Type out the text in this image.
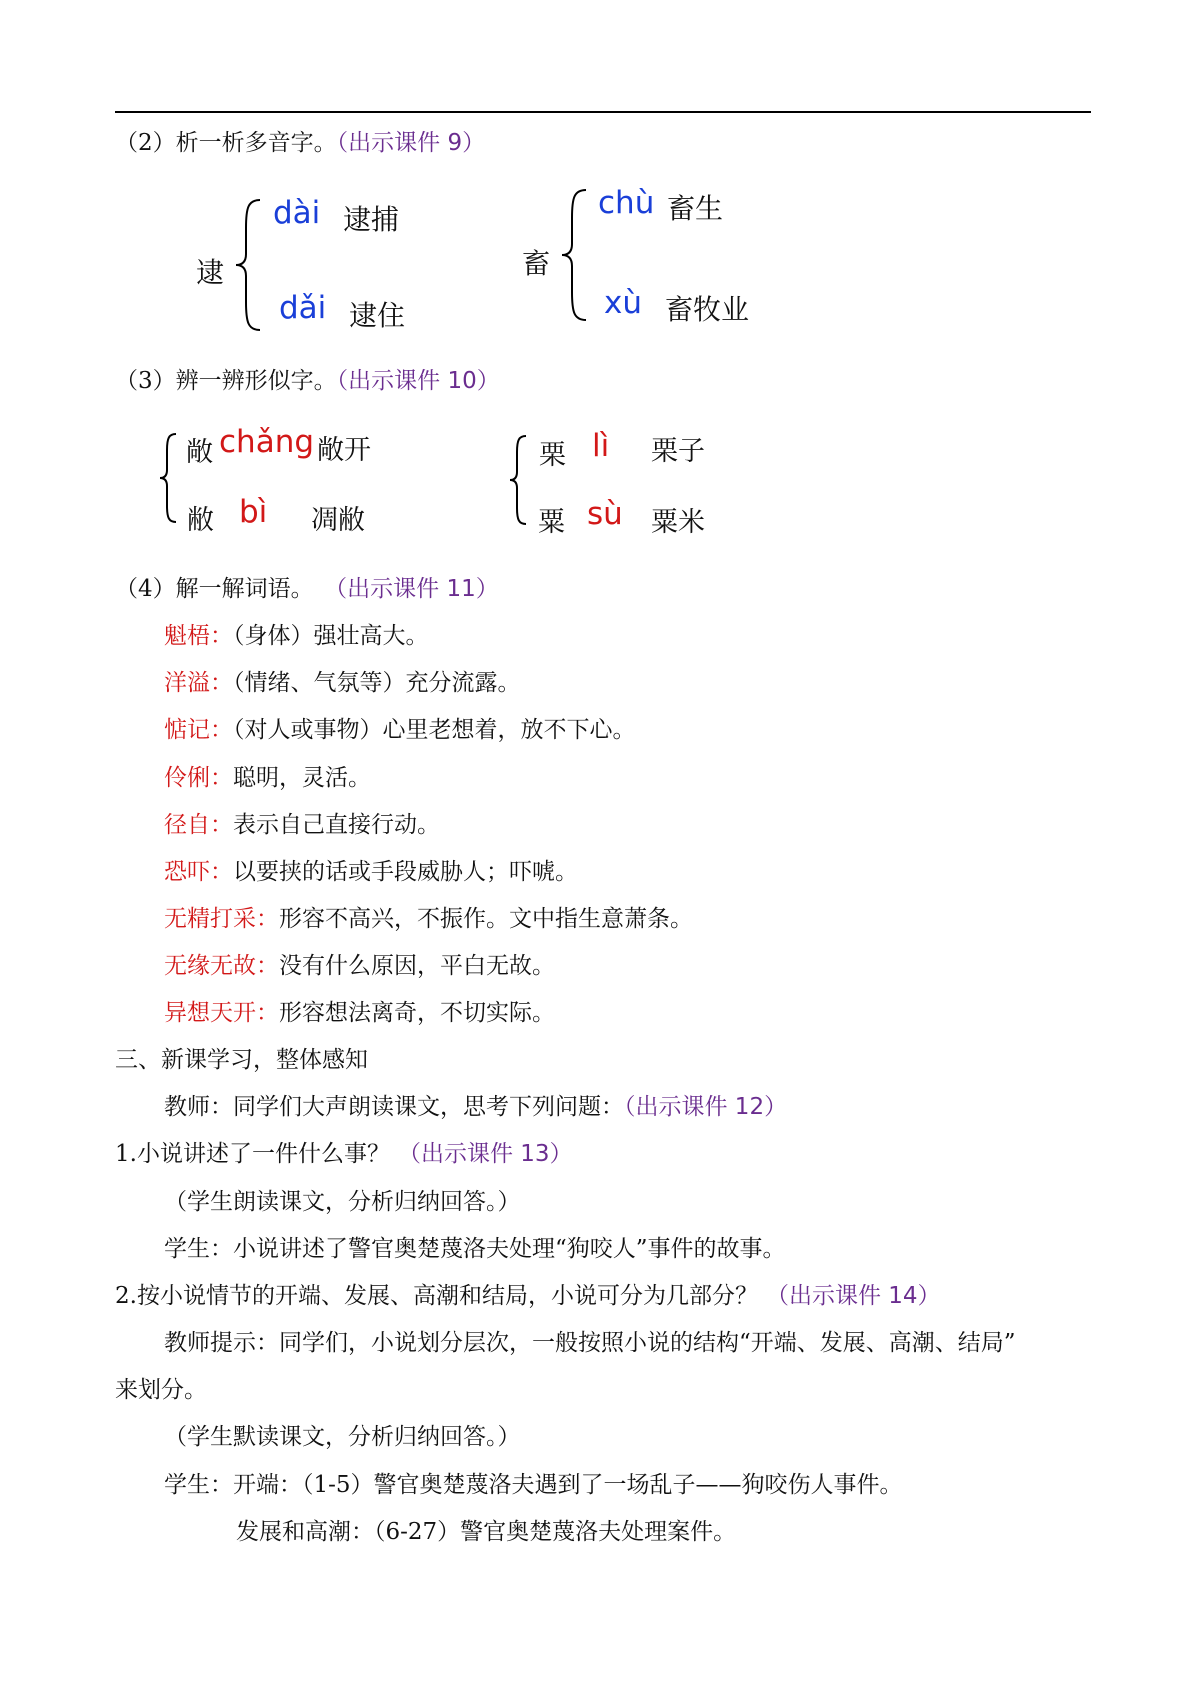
（2）析一析多音字。（出示课件 9）
逮
dài 逮捕
dǎi 逮住
畜
chù 畜生
xù 畜牧业
（3）辨一辨形似字。（出示课件 10）
敞 chǎng 敞开
敝 bì 凋敝
栗 lì 栗子
粟 sù 粟米
（4）解一解词语。 （出示课件 11）
魁梧：（身体）强壮高大。
洋溢：（情绪、气氛等）充分流露。
惦记：（对人或事物）心里老想着，放不下心。
伶俐：聪明，灵活。
径自：表示自己直接行动。
恐吓：以要挟的话或手段威胁人；吓唬。
无精打采：形容不高兴，不振作。文中指生意萧条。
无缘无故：没有什么原因，平白无故。
异想天开：形容想法离奇，不切实际。
三、新课学习，整体感知
教师：同学们大声朗读课文，思考下列问题：（出示课件 12）
1.小说讲述了一件什么事？ （出示课件 13）
（学生朗读课文，分析归纳回答。）
学生：小说讲述了警官奥楚蔑洛夫处理“狗咬人”事件的故事。
2.按小说情节的开端、发展、高潮和结局，小说可分为几部分？ （出示课件 14）
教师提示：同学们，小说划分层次，一般按照小说的结构“开端、发展、高潮、结局”
来划分。
（学生默读课文，分析归纳回答。）
学生：开端：（1-5）警官奥楚蔑洛夫遇到了一场乱子——狗咬伤人事件。
发展和高潮：（6-27）警官奥楚蔑洛夫处理案件。
